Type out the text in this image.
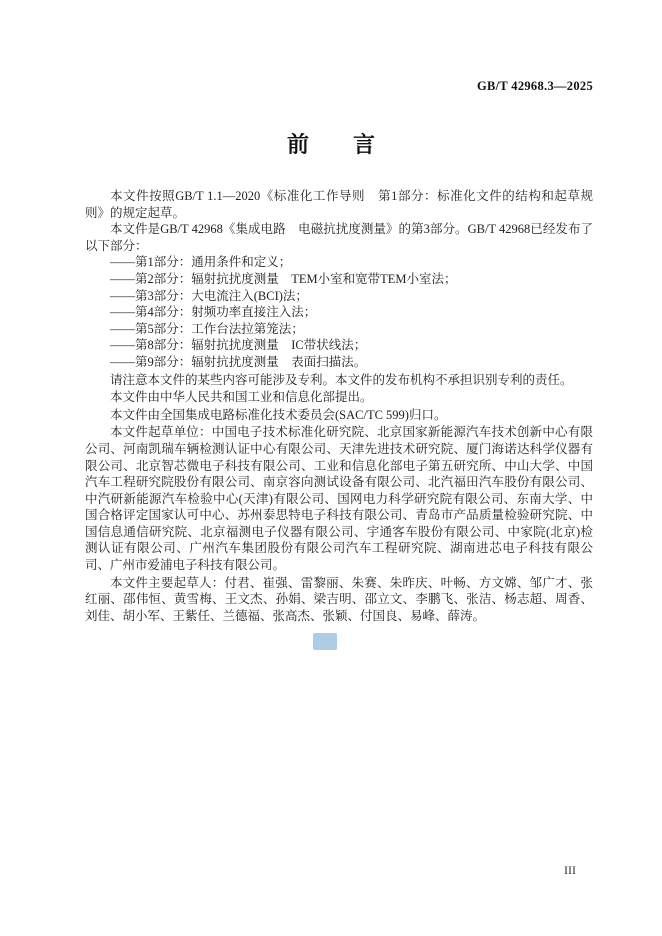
GB/T 42968.3—2025
前　　言

本文件按照GB/T 1.1—2020《标准化工作导则　第1部分：标准化文件的结构和起草规则》的规定起草。

本文件是GB/T 42968《集成电路　电磁抗扰度测量》的第3部分。GB/T 42968已经发布了以下部分：

——第1部分：通用条件和定义；

——第2部分：辐射抗扰度测量　TEM小室和宽带TEM小室法；

——第3部分：大电流注入(BCI)法；

——第4部分：射频功率直接注入法；

——第5部分：工作台法拉第笼法；

——第8部分：辐射抗扰度测量　IC带状线法；

——第9部分：辐射抗扰度测量　表面扫描法。

请注意本文件的某些内容可能涉及专利。本文件的发布机构不承担识别专利的责任。

本文件由中华人民共和国工业和信息化部提出。

本文件由全国集成电路标准化技术委员会(SAC/TC 599)归口。

本文件起草单位：中国电子技术标准化研究院、北京国家新能源汽车技术创新中心有限公司、河南凯瑞车辆检测认证中心有限公司、天津先进技术研究院、厦门海诺达科学仪器有限公司、北京智芯微电子科技有限公司、工业和信息化部电子第五研究所、中山大学、中国汽车工程研究院股份有限公司、南京容向测试设备有限公司、北汽福田汽车股份有限公司、中汽研新能源汽车检验中心(天津)有限公司、国网电力科学研究院有限公司、东南大学、中国合格评定国家认可中心、苏州泰思特电子科技有限公司、青岛市产品质量检验研究院、中国信息通信研究院、北京福测电子仪器有限公司、宇通客车股份有限公司、中家院(北京)检测认证有限公司、广州汽车集团股份有限公司汽车工程研究院、湖南进芯电子科技有限公司、广州市爱浦电子科技有限公司。

本文件主要起草人：付君、崔强、雷黎丽、朱赛、朱昨庆、叶畅、方文嫦、邹广才、张红丽、邵伟恒、黄雪梅、王文杰、孙娟、梁吉明、邵立文、李鹏飞、张洁、杨志超、周香、刘佳、胡小军、王紫任、兰德福、张高杰、张颖、付国良、易峰、薛涛。

III
